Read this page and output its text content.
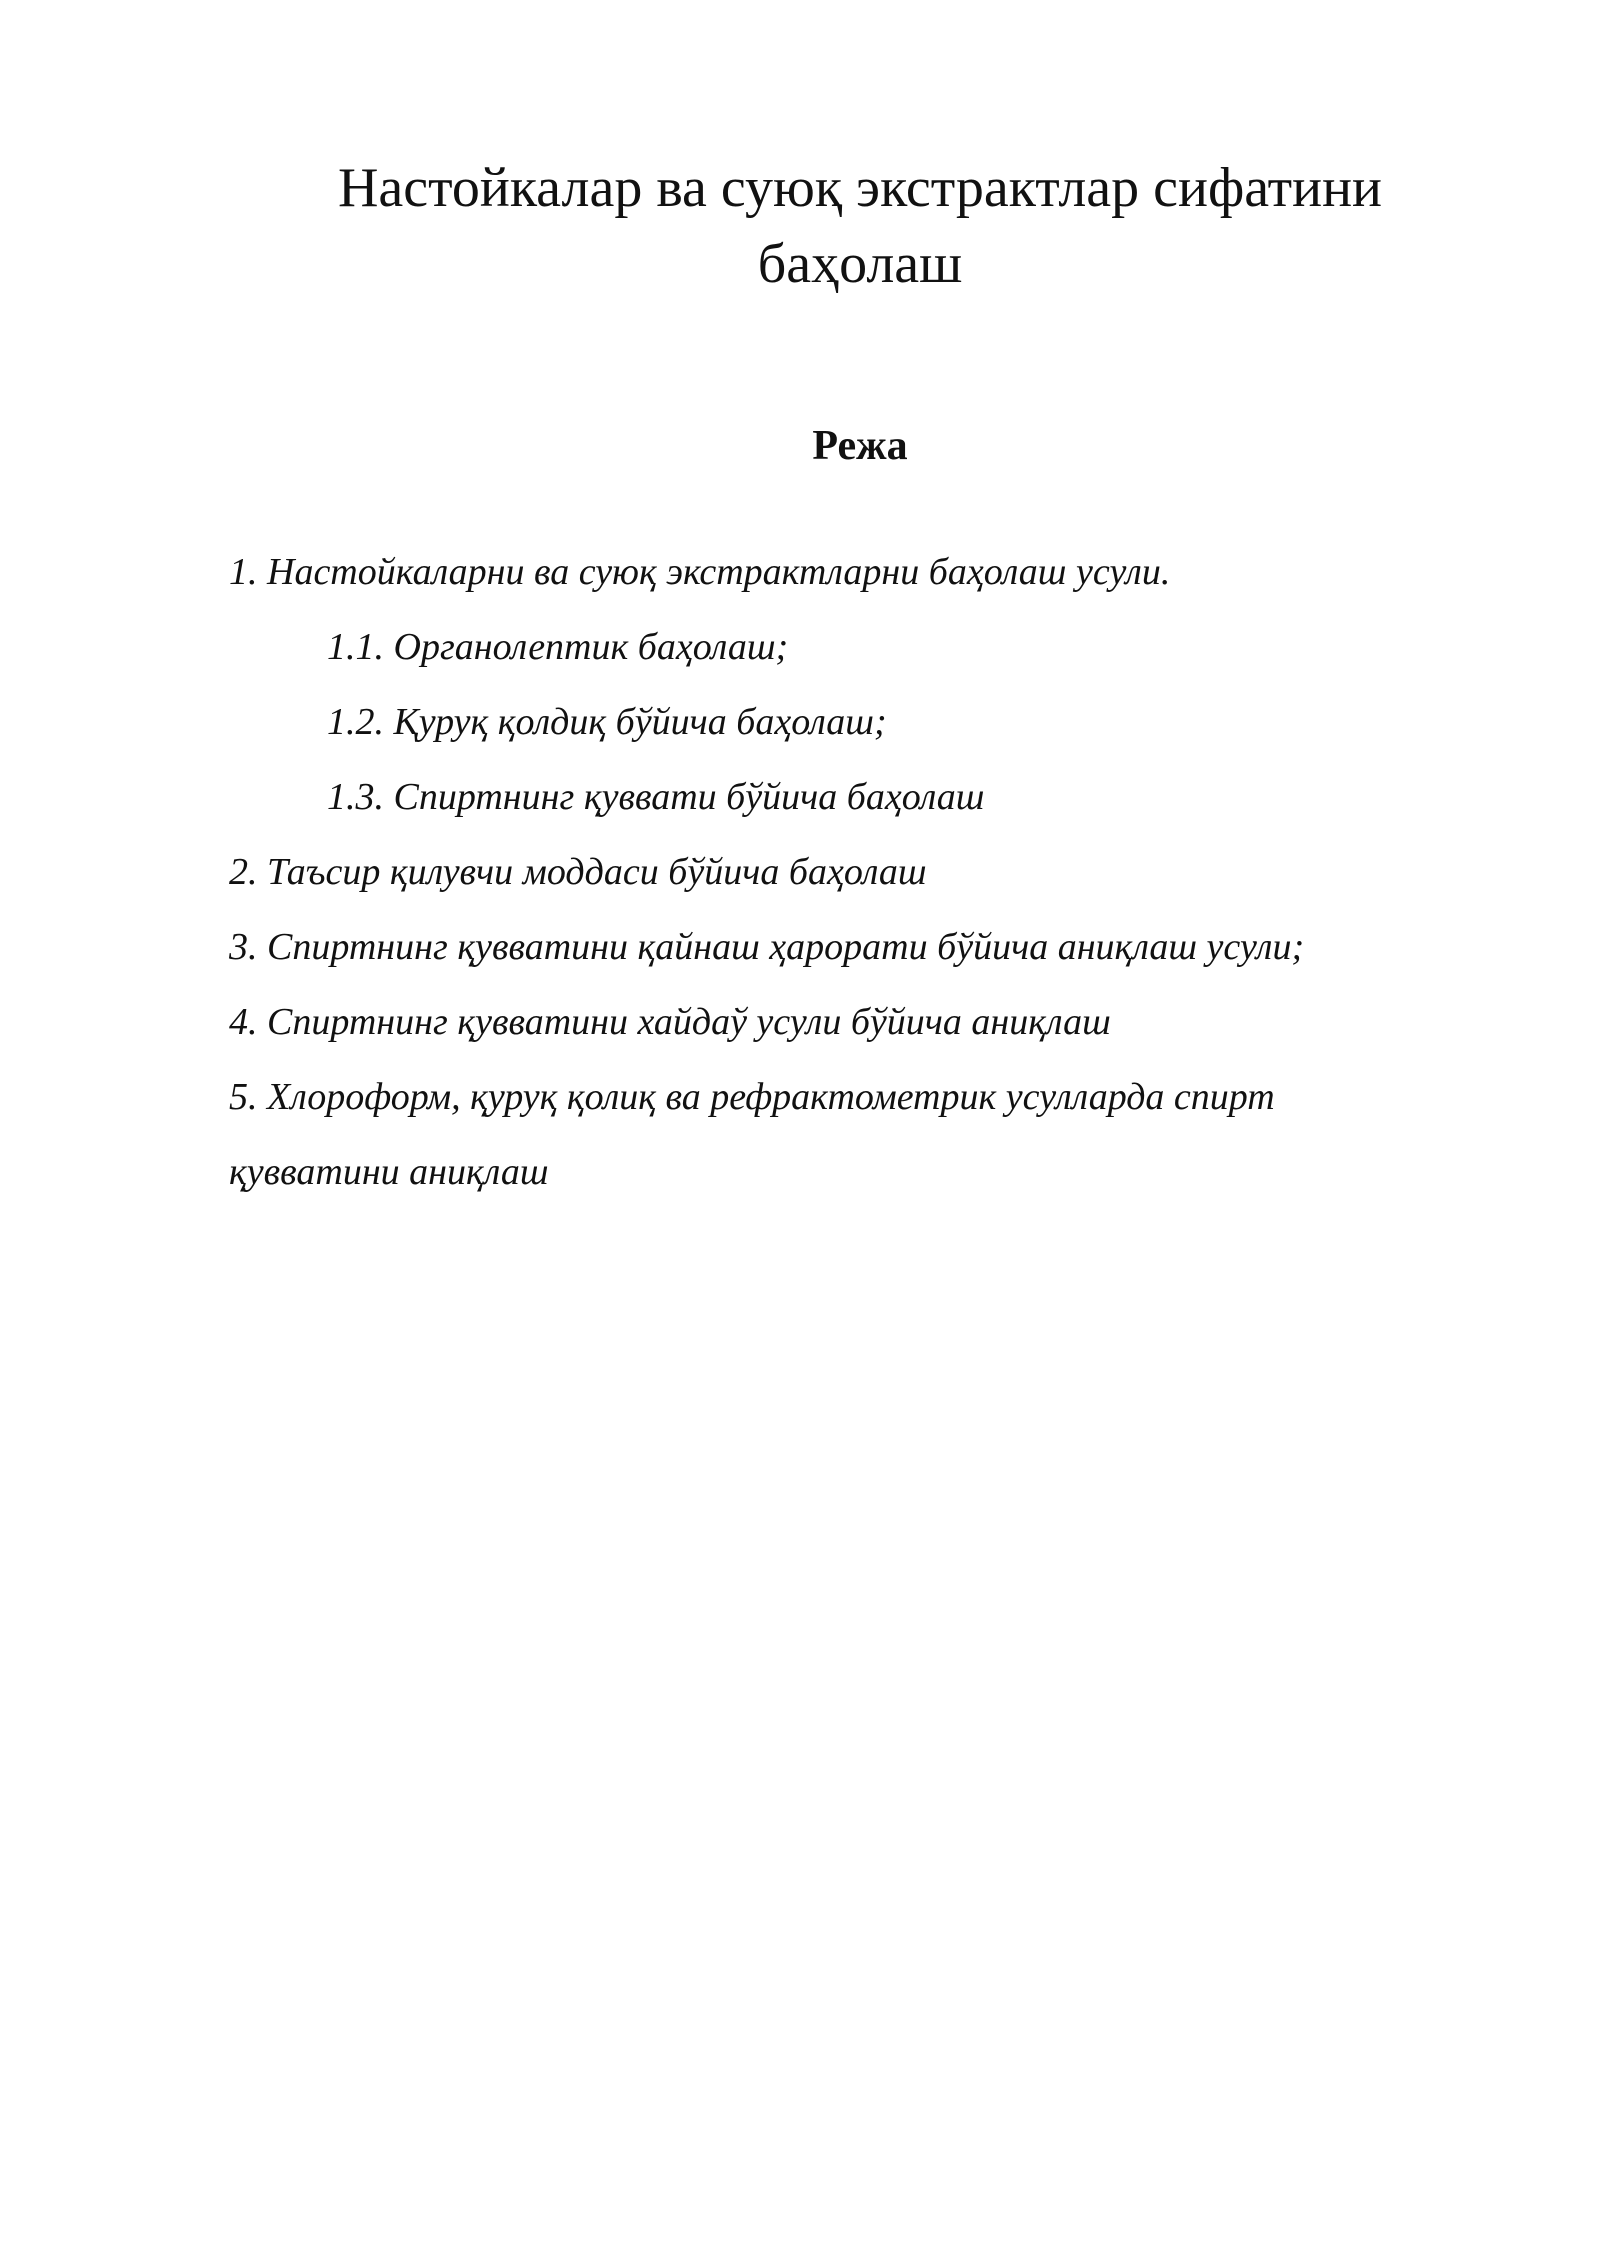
Настойкалар ва суюқ экстрактлар сифатини
баҳолаш
Режа
1. Настойкаларни ва суюқ экстрактларни баҳолаш усули.
1.1. Органолептик баҳолаш;
1.2. Қуруқ қолдиқ бўйича баҳолаш;
1.3. Спиртнинг қуввати бўйича баҳолаш
2. Таъсир қилувчи моддаси бўйича баҳолаш
3. Спиртнинг қувватини қайнаш ҳарорати бўйича аниқлаш усули;
4. Спиртнинг қувватини хайдаў усули бўйича аниқлаш
5. Хлороформ, қуруқ қолиқ ва рефрактометрик усулларда спирт
қувватини аниқлаш
